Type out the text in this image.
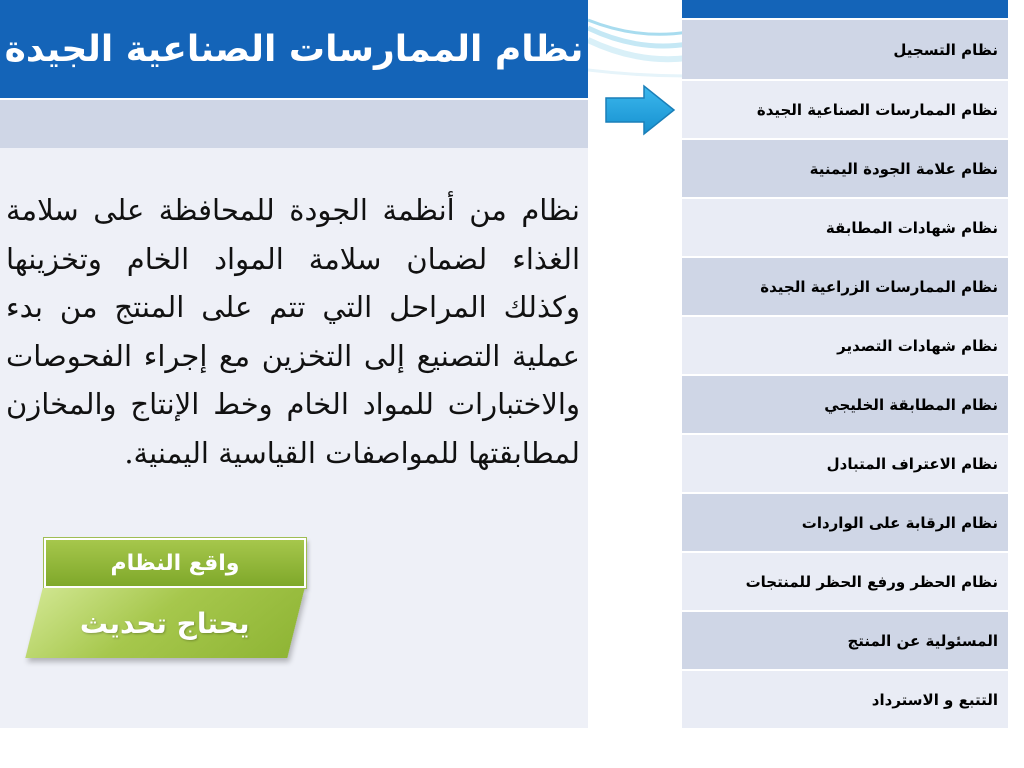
نظام الممارسات الصناعية الجيدة

نظام من أنظمة الجودة للمحافظة على سلامة الغذاء لضمان سلامة المواد الخام وتخزينها وكذلك المراحل التي تتم على المنتج من بدء عملية التصنيع إلى التخزين مع إجراء الفحوصات والاختبارات للمواد الخام وخط الإنتاج والمخازن لمطابقتها للمواصفات القياسية اليمنية.

واقع النظام
يحتاج تحديث
نظام التسجيل
نظام الممارسات الصناعية الجيدة
نظام علامة الجودة اليمنية
نظام شهادات المطابقة
نظام الممارسات الزراعية الجيدة
نظام شهادات التصدير
نظام المطابقة الخليجي
نظام الاعتراف المتبادل
نظام الرقابة على الواردات
نظام الحظر ورفع الحظر للمنتجات
المسئولية عن المنتج
التتبع و الاسترداد
